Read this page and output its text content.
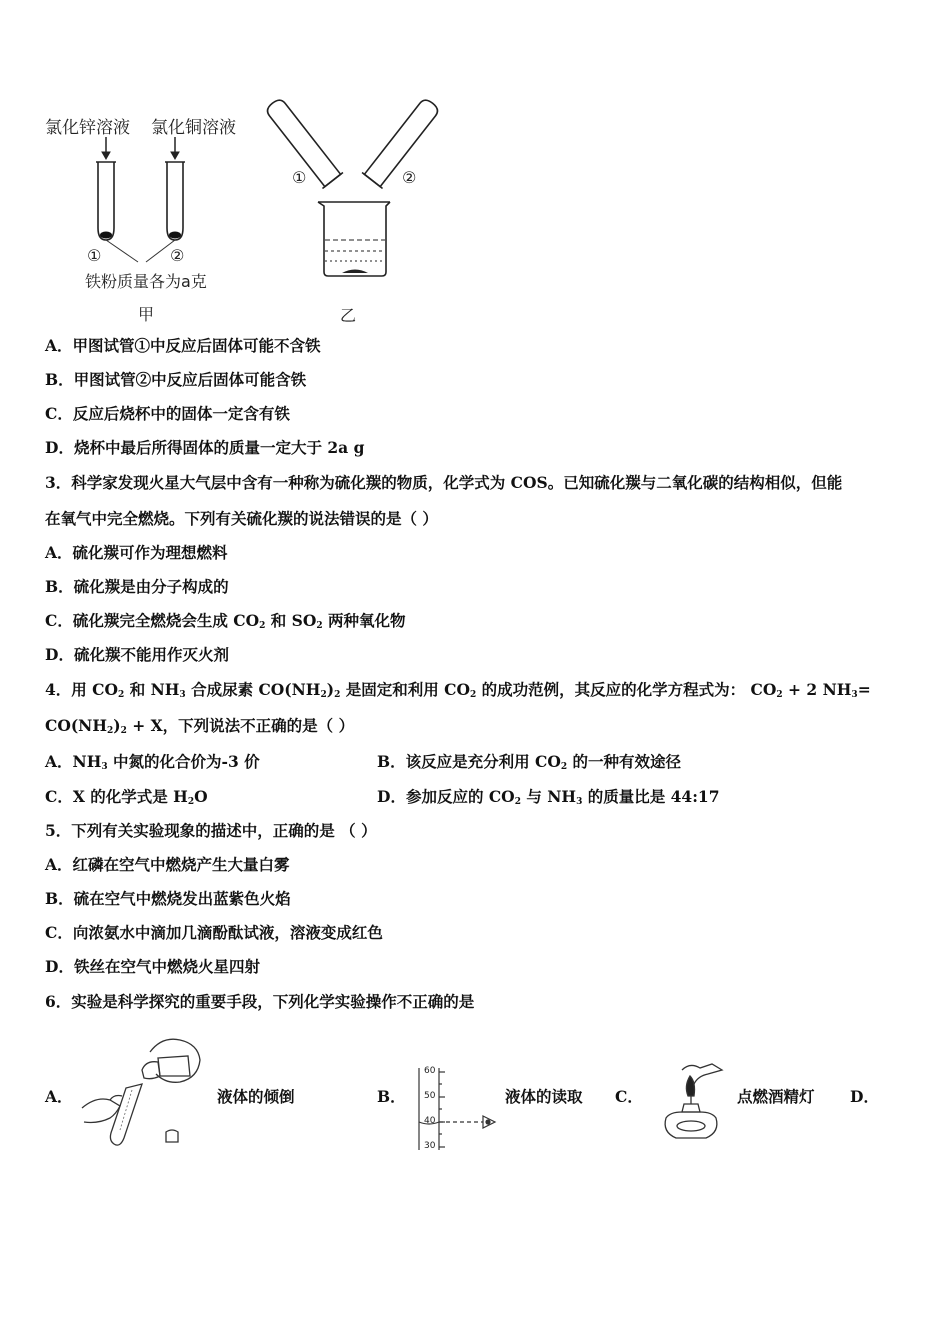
氯化锌溶液 氯化铜溶液
①	②
铁粉质量各为a克
甲
①	②
乙
A．甲图试管①中反应后固体可能不含铁
B．甲图试管②中反应后固体可能含铁
C．反应后烧杯中的固体一定含有铁
D．烧杯中最后所得固体的质量一定大于 2a g
3．科学家发现火星大气层中含有一种称为硫化羰的物质，化学式为 COS。已知硫化羰与二氧化碳的结构相似，但能
在氧气中完全燃烧。下列有关硫化羰的说法错误的是（ ）
A．硫化羰可作为理想燃料
B．硫化羰是由分子构成的
C．硫化羰完全燃烧会生成 $CO_2$ 和 $SO_2$ 两种氧化物
D．硫化羰不能用作灭火剂
4．用 $CO_2$ 和 $NH_3$ 合成尿素 $CO(NH_2)_2$ 是固定和利用 $CO_2$ 的成功范例，其反应的化学方程式为： $CO_2 + 2$ $NH_3=$
$CO(NH_2)_2 + X$，下列说法不正确的是（ ）
A．$NH_3$ 中氮的化合价为-3 价	B．该反应是充分利用 $CO_2$ 的一种有效途径
C．X 的化学式是 $H_2O$	D．参加反应的 $CO_2$ 与 $NH_3$ 的质量比是 44:17
5．下列有关实验现象的描述中，正确的是 （ ）
A．红磷在空气中燃烧产生大量白雾
B．硫在空气中燃烧发出蓝紫色火焰
C．向浓氨水中滴加几滴酚酞试液，溶液变成红色
D．铁丝在空气中燃烧火星四射
6．实验是科学探究的重要手段，下列化学实验操作不正确的是
A．	液体的倾倒	B．
60
50
40
30
液体的读取 C．	点燃酒精灯 D．
